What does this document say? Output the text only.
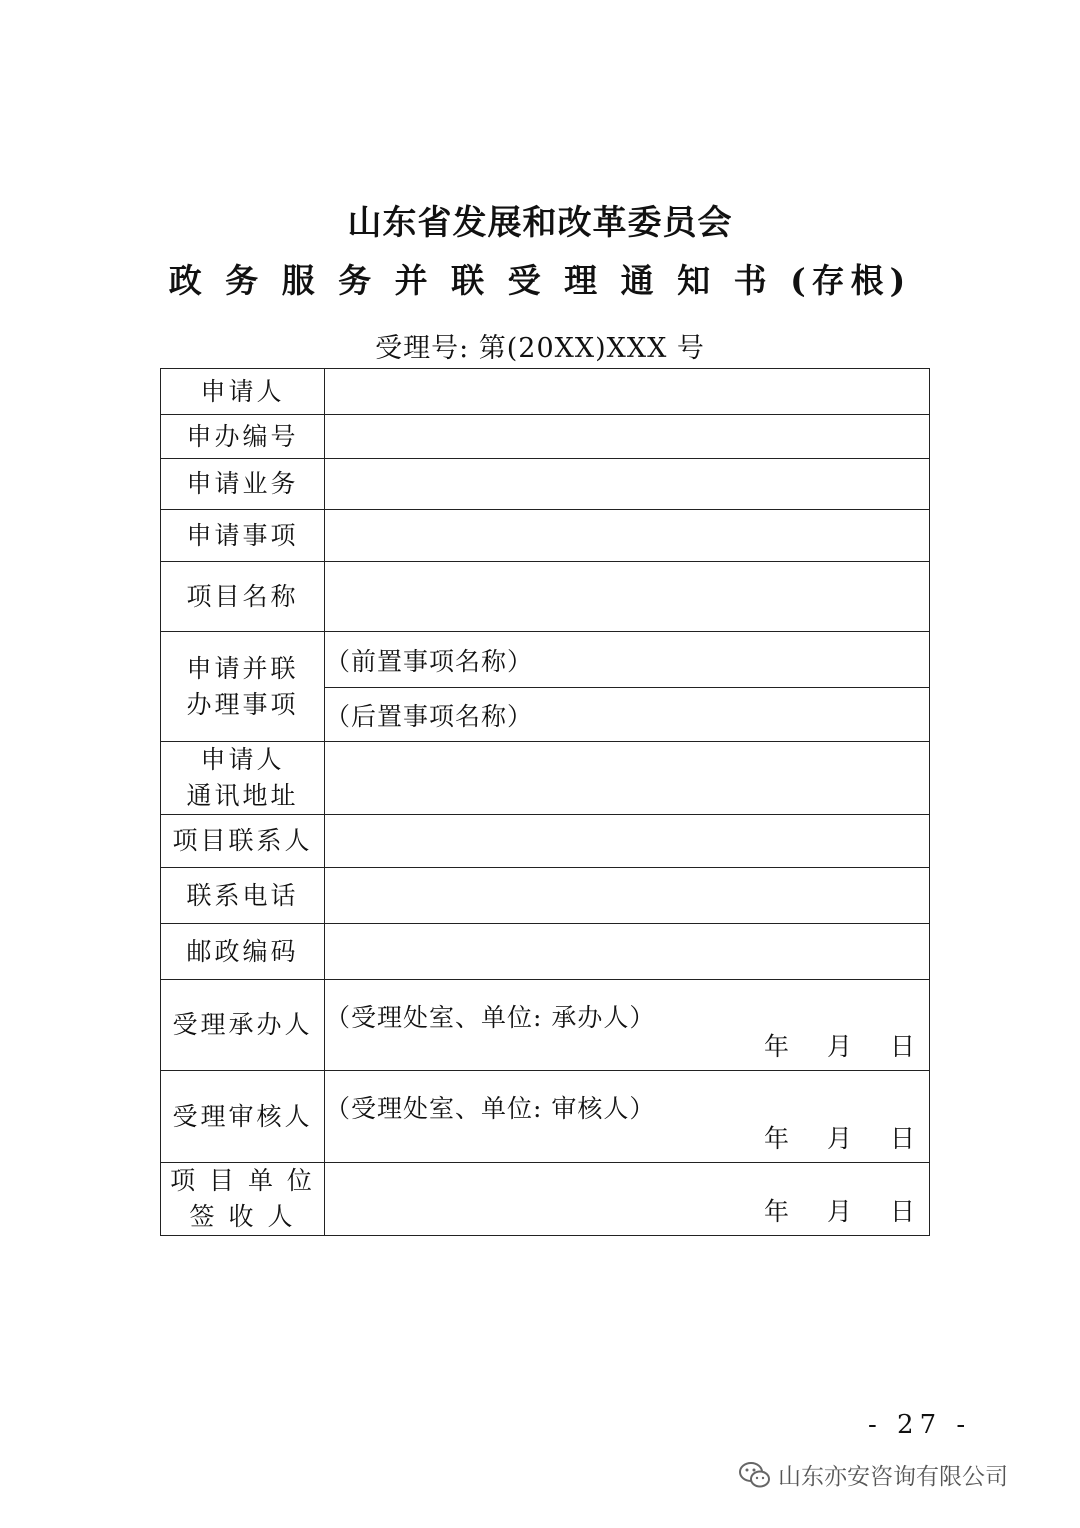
山东省发展和改革委员会
政 务 服 务 并 联 受 理 通 知 书 (存根)
受理号: 第(20XX)XXX 号
申请人	
申办编号	
申请业务	
申请事项	
项目名称	

申请并联
办理事项	（前置事项名称）
	（后置事项名称）

申请人
通讯地址	

项目联系人	
联系电话	
邮政编码	
受理承办人	（受理处室、单位: 承办人）
年 月 日

受理审核人	（受理处室、单位: 审核人）
年 月 日

项 目 单 位
签 收 人	年 月 日
- 27 -
山东亦安咨询有限公司
